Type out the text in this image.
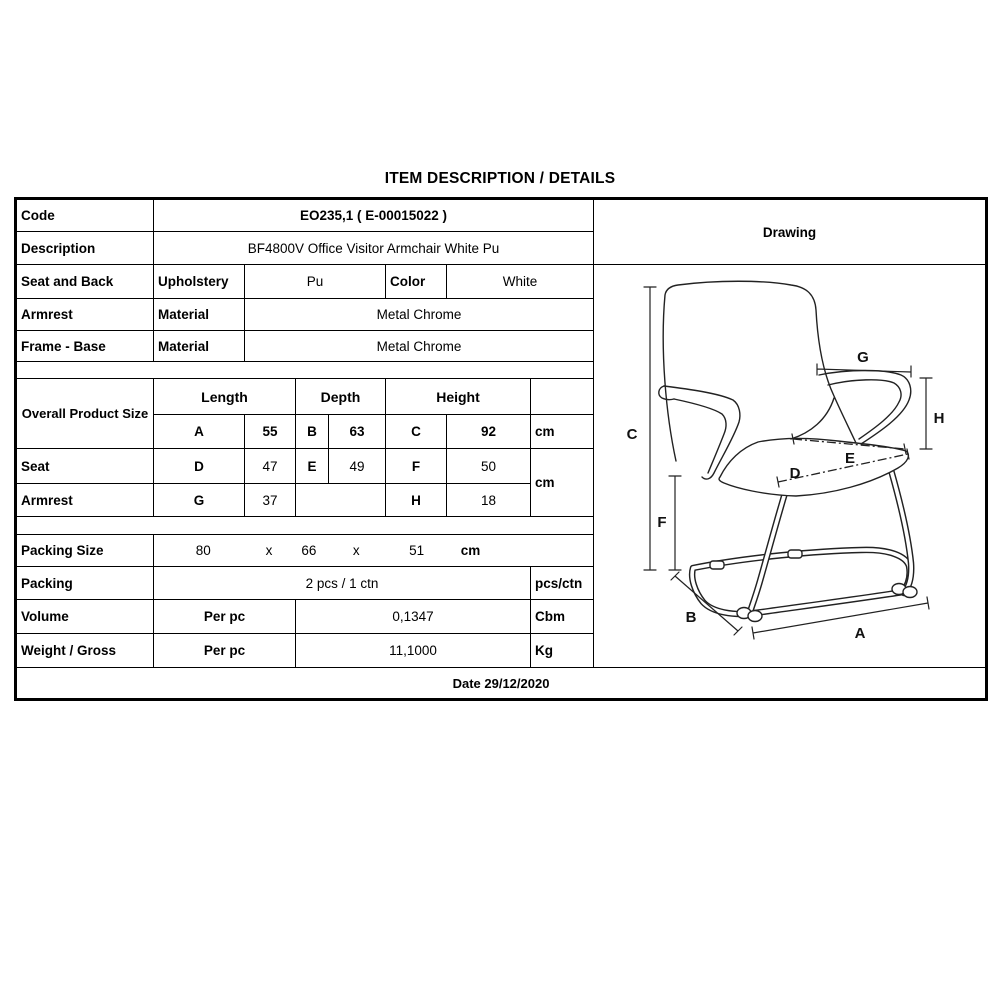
ITEM DESCRIPTION / DETAILS
Code	EO235,1 ( E-00015022 )							Drawing
Description	BF4800V Office Visitor Armchair White Pu							
Seat and Back	Upholstery	Pu	Color	White	
C
F
G
H
E
D
B
A

Armrest	Material	Metal Chrome						
Frame - Base	Material	Metal Chrome						

Overall Product Size	Length		Depth		Height			
	A	55	B	63	C	92	cm	
Seat	D	47	E	49	F	50	cm	
Armrest	G	37			H	18		

Packing Size	80	x	66	x	51	cm

Packing	2 pcs / 1 ctn						pcs/ctn	
Volume	Per pc		0,1347				Cbm	
Weight / Gross	Per pc		11,1000				Kg	
Date 29/12/2020								
